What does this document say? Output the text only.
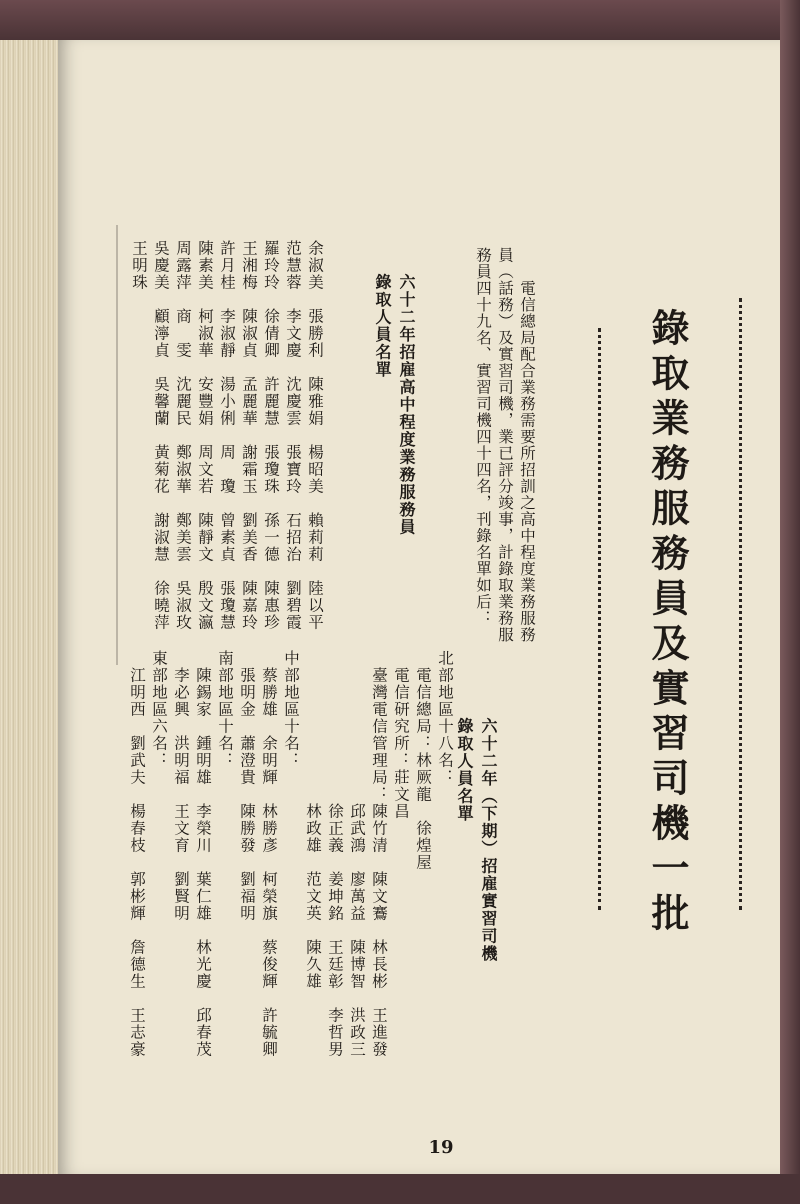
錄取業務服務員及實習司機一批
　　電信總局配合業務需要所招訓之高中程度業務服務
員（話務）及實習司機，業已評分竣事，計錄取業務服
務員四十九名、實習司機四十四名，刊錄名單如后：
　六十二年（下期）招雇實習司機
　錄取人員名單
北部地區十八名：
　電信總局：林厥龍　徐煌屋
　電信研究所：莊文昌
　臺灣電信管理局：陳竹清　陳文鶱　林長彬　王進發
　　　　　　　　　邱武鴻　廖萬益　陳博智　洪政三
　　　　　　　　　徐正義　姜坤銘　王廷彰　李哲男
　　　　　　　　　林政雄　范文英　陳久雄
中部地區十名：
　蔡勝雄　余明輝　林勝彥　柯榮旗　蔡俊輝　許毓卿
　張明金　蕭澄貴　陳勝發　劉福明
南部地區十名：
　陳錫家　鍾明雄　李榮川　葉仁雄　林光慶　邱春茂
　李必興　洪明福　王文育　劉賢明
東部地區六名：
　江明西　劉武夫　楊春枝　郭彬輝　詹德生　王志豪
　六十二年招雇高中程度業務服務員
　錄取人員名單
余淑美　張勝利　陳雅娟　楊昭美　賴莉莉　陸以平
范慧蓉　李文慶　沈慶雲　張寶玲　石招治　劉碧霞
羅玲玲　徐倩卿　許麗慧　張瓊珠　孫一德　陳惠珍
王湘梅　陳淑貞　孟麗華　謝霜玉　劉美香　陳嘉玲
許月桂　李淑靜　湯小俐　周　瓊　曾素貞　張瓊慧
陳素美　柯淑華　安豐娟　周文若　陳靜文　殷文瀛
周露萍　商　雯　沈麗民　鄭淑華　鄭美雲　吳淑玫
吳慶美　顧濘貞　吳馨蘭　黃菊花　謝淑慧　徐曉萍
王明珠
19
